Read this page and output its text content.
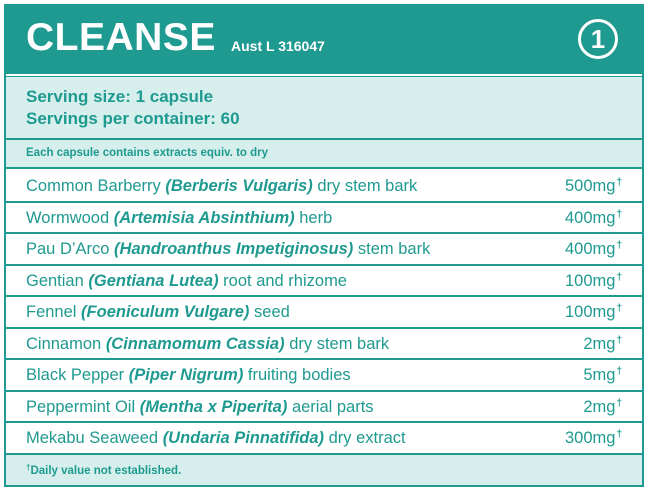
CLEANSE Aust L 316047	1
Serving size: 1 capsule
Servings per container: 60
Each capsule contains extracts equiv. to dry
Common Barberry (Berberis Vulgaris) dry stem bark	500mg†
Wormwood (Artemisia Absinthium) herb	400mg†
Pau D’Arco (Handroanthus Impetiginosus) stem bark	400mg†
Gentian (Gentiana Lutea) root and rhizome	100mg†
Fennel (Foeniculum Vulgare) seed	100mg†
Cinnamon (Cinnamomum Cassia) dry stem bark	2mg†
Black Pepper (Piper Nigrum) fruiting bodies	5mg†
Peppermint Oil (Mentha x Piperita) aerial parts	2mg†
Mekabu Seaweed (Undaria Pinnatifida) dry extract	300mg†
†Daily value not established.
